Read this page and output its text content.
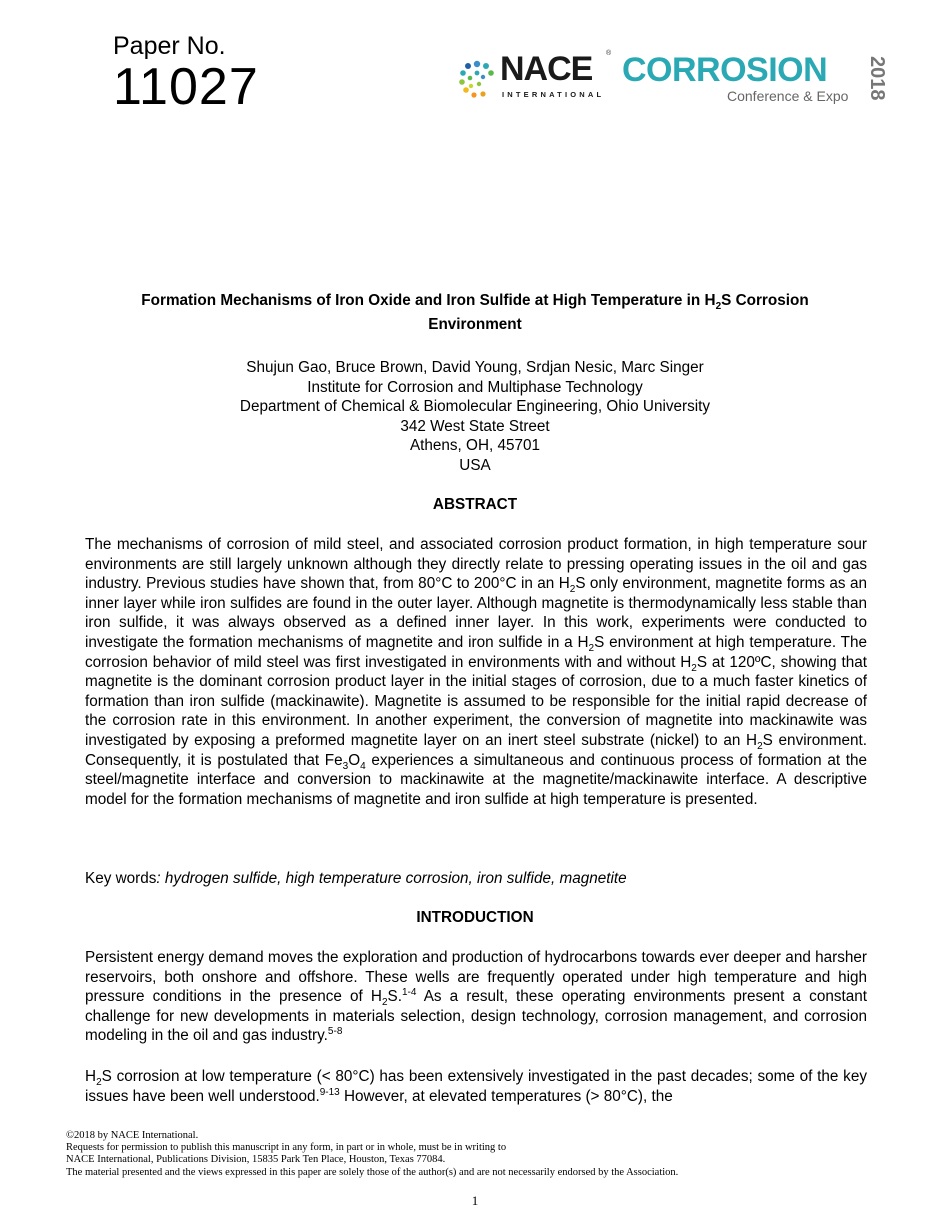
Paper No.
11027	NACE ®
INTERNATIONAL
CORROSION
Conference & Expo 2018
Formation Mechanisms of Iron Oxide and Iron Sulfide at High Temperature in $H_2S$ Corrosion Environment
Shujun Gao, Bruce Brown, David Young, Srdjan Nesic, Marc Singer
Institute for Corrosion and Multiphase Technology
Department of Chemical & Biomolecular Engineering, Ohio University
342 West State Street
Athens, OH, 45701
USA
ABSTRACT

The mechanisms of corrosion of mild steel, and associated corrosion product formation, in high temperature sour environments are still largely unknown although they directly relate to pressing operating issues in the oil and gas industry. Previous studies have shown that, from 80°C to 200°C in an $H_2S$ only environment, magnetite forms as an inner layer while iron sulfides are found in the outer layer. Although magnetite is thermodynamically less stable than iron sulfide, it was always observed as a defined inner layer. In this work, experiments were conducted to investigate the formation mechanisms of magnetite and iron sulfide in a $H_2S$ environment at high temperature. The corrosion behavior of mild steel was first investigated in environments with and without $H_2S$ at 120ºC, showing that magnetite is the dominant corrosion product layer in the initial stages of corrosion, due to a much faster kinetics of formation than iron sulfide (mackinawite). Magnetite is assumed to be responsible for the initial rapid decrease of the corrosion rate in this environment. In another experiment, the conversion of magnetite into mackinawite was investigated by exposing a preformed magnetite layer on an inert steel substrate (nickel) to an $H_2S$ environment. Consequently, it is postulated that $Fe_3O_4$ experiences a simultaneous and continuous process of formation at the steel/magnetite interface and conversion to mackinawite at the magnetite/mackinawite interface. A descriptive model for the formation mechanisms of magnetite and iron sulfide at high temperature is presented.

Key words: hydrogen sulfide, high temperature corrosion, iron sulfide, magnetite
INTRODUCTION

Persistent energy demand moves the exploration and production of hydrocarbons towards ever deeper and harsher reservoirs, both onshore and offshore. These wells are frequently operated under high temperature and high pressure conditions in the presence of $H_2S.^{1-4}$ As a result, these operating environments present a constant challenge for new developments in materials selection, design technology, corrosion management, and corrosion modeling in the oil and gas industry.$^{5-8}$

$H_2S$ corrosion at low temperature (< 80°C) has been extensively investigated in the past decades; some of the key issues have been well understood.$^{9-13}$ However, at elevated temperatures (> 80°C), the

©2018 by NACE International.
Requests for permission to publish this manuscript in any form, in part or in whole, must be in writing to
NACE International, Publications Division, 15835 Park Ten Place, Houston, Texas 77084.
The material presented and the views expressed in this paper are solely those of the author(s) and are not necessarily endorsed by the Association.
1
